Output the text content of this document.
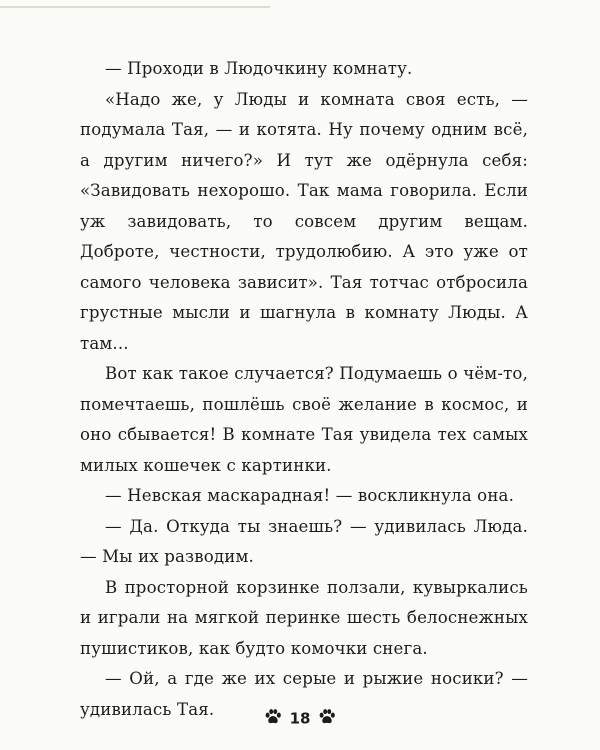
— Проходи в Людочкину комнату.

«Надо же, у Люды и комната своя есть, — подумала Тая, — и котята. Ну почему одним всё, а другим ничего?» И тут же одёрнула себя: «Завидовать нехорошо. Так мама говорила. Если уж завидовать, то совсем другим вещам. Доброте, честности, трудолюбию. А это уже от самого человека зависит». Тая тотчас отбросила грустные мысли и шагнула в комнату Люды. А там...

Вот как такое случается? Подумаешь о чём-то, помечтаешь, пошлёшь своё желание в космос, и оно сбывается! В комнате Тая увидела тех самых милых кошечек с картинки.

— Невская маскарадная! — воскликнула она.

— Да. Откуда ты знаешь? — удивилась Люда. — Мы их разводим.

В просторной корзинке ползали, кувыркались и играли на мягкой перинке шесть белоснежных пушистиков, как будто комочки снега.

— Ой, а где же их серые и рыжие носики? — удивилась Тая.	18
